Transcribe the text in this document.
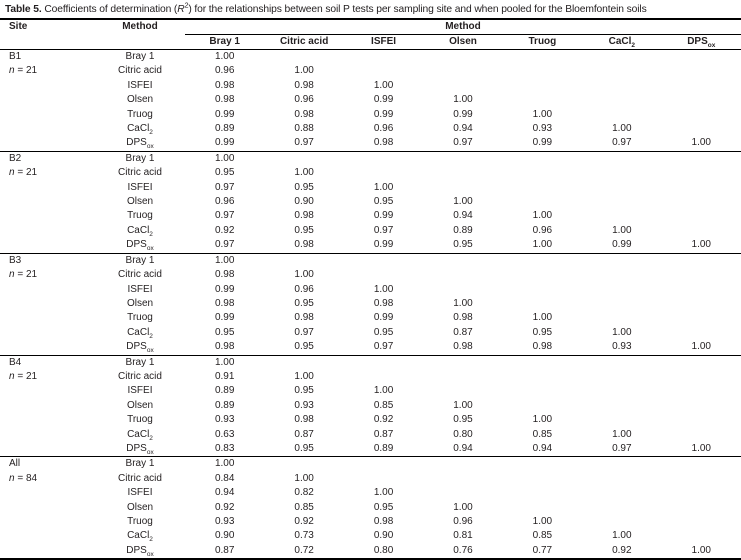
Table 5. Coefficients of determination $(R^2)$ for the relationships between soil P tests per sampling site and when pooled for the Bloemfontein soils
Site	Method	Method						
		Bray 1	Citric acid	ISFEI	Olsen	Truog	CaCl$_2$	$DPS_{ox}$
B1	Bray 1	1.00						
n = 21	Citric acid	0.96	1.00					
	ISFEI	0.98	0.98	1.00				
	Olsen	0.98	0.96	0.99	1.00			
	Truog	0.99	0.98	0.99	0.99	1.00		
	CaCl$_2$	0.89	0.88	0.96	0.94	0.93	1.00	
	$DPS_{ox}$	0.99	0.97	0.98	0.97	0.99	0.97	1.00
B2	Bray 1	1.00						
n = 21	Citric acid	0.95	1.00					
	ISFEI	0.97	0.95	1.00				
	Olsen	0.96	0.90	0.95	1.00			
	Truog	0.97	0.98	0.99	0.94	1.00		
	CaCl$_2$	0.92	0.95	0.97	0.89	0.96	1.00	
	$DPS_{ox}$	0.97	0.98	0.99	0.95	1.00	0.99	1.00
B3	Bray 1	1.00						
n = 21	Citric acid	0.98	1.00					
	ISFEI	0.99	0.96	1.00				
	Olsen	0.98	0.95	0.98	1.00			
	Truog	0.99	0.98	0.99	0.98	1.00		
	CaCl$_2$	0.95	0.97	0.95	0.87	0.95	1.00	
	$DPS_{ox}$	0.98	0.95	0.97	0.98	0.98	0.93	1.00
B4	Bray 1	1.00						
n = 21	Citric acid	0.91	1.00					
	ISFEI	0.89	0.95	1.00				
	Olsen	0.89	0.93	0.85	1.00			
	Truog	0.93	0.98	0.92	0.95	1.00		
	CaCl$_2$	0.63	0.87	0.87	0.80	0.85	1.00	
	$DPS_{ox}$	0.83	0.95	0.89	0.94	0.94	0.97	1.00
All	Bray 1	1.00						
n = 84	Citric acid	0.84	1.00					
	ISFEI	0.94	0.82	1.00				
	Olsen	0.92	0.85	0.95	1.00			
	Truog	0.93	0.92	0.98	0.96	1.00		
	CaCl$_2$	0.90	0.73	0.90	0.81	0.85	1.00	
	$DPS_{ox}$	0.87	0.72	0.80	0.76	0.77	0.92	1.00
